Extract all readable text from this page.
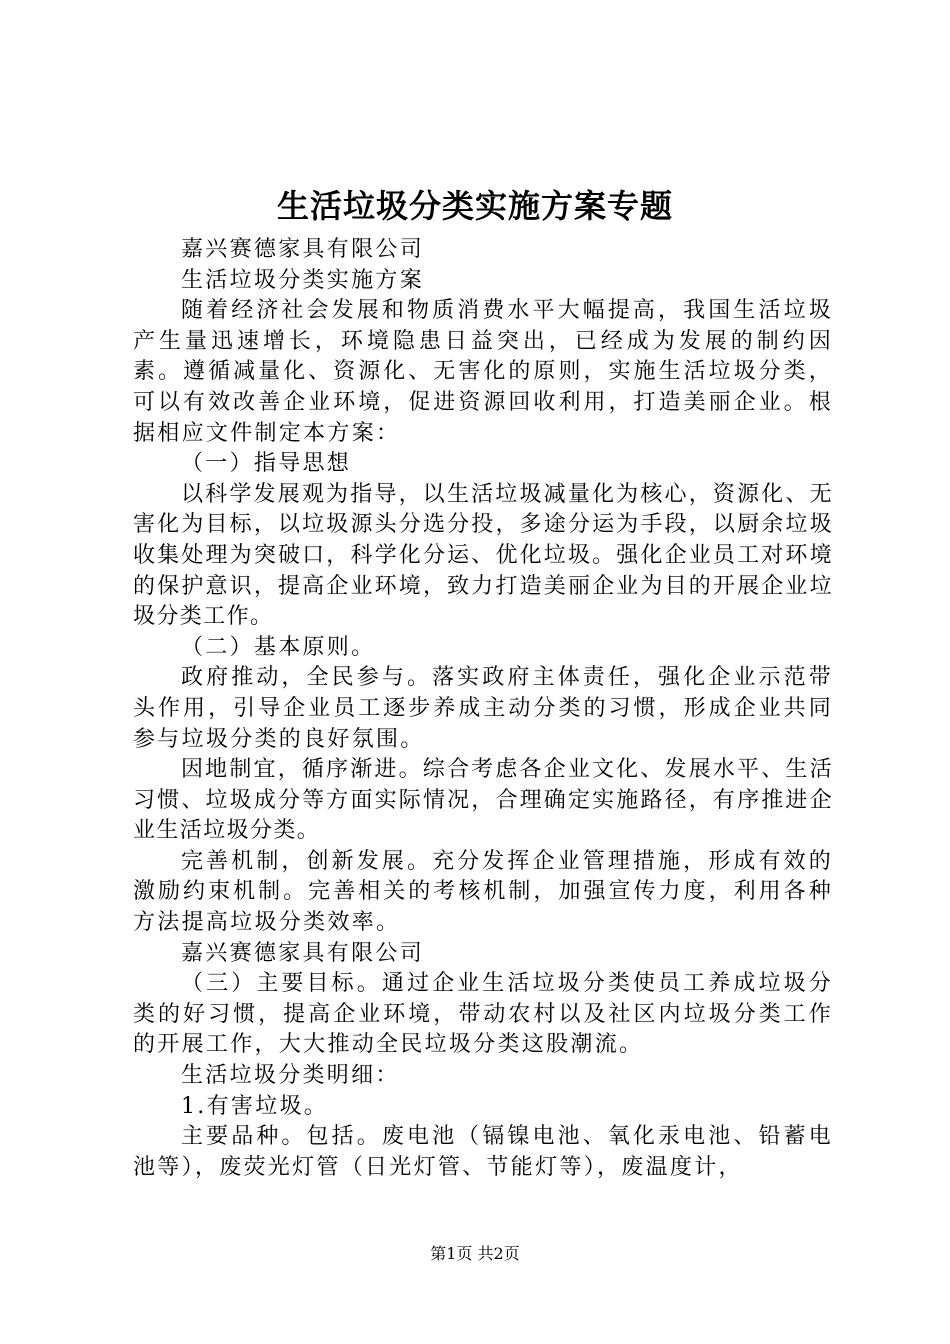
生活垃圾分类实施方案专题

嘉兴赛德家具有限公司

生活垃圾分类实施方案

随着经济社会发展和物质消费水平大幅提高，我国生活垃圾产生量迅速增长，环境隐患日益突出，已经成为发展的制约因素。遵循减量化、资源化、无害化的原则，实施生活垃圾分类，可以有效改善企业环境，促进资源回收利用，打造美丽企业。根据相应文件制定本方案：

（一）指导思想

以科学发展观为指导，以生活垃圾减量化为核心，资源化、无害化为目标，以垃圾源头分选分投，多途分运为手段，以厨余垃圾收集处理为突破口，科学化分运、优化垃圾。强化企业员工对环境的保护意识，提高企业环境，致力打造美丽企业为目的开展企业垃圾分类工作。

（二）基本原则。

政府推动，全民参与。落实政府主体责任，强化企业示范带头作用，引导企业员工逐步养成主动分类的习惯，形成企业共同参与垃圾分类的良好氛围。

因地制宜，循序渐进。综合考虑各企业文化、发展水平、生活习惯、垃圾成分等方面实际情况，合理确定实施路径，有序推进企业生活垃圾分类。

完善机制，创新发展。充分发挥企业管理措施，形成有效的激励约束机制。完善相关的考核机制，加强宣传力度，利用各种方法提高垃圾分类效率。

嘉兴赛德家具有限公司

（三）主要目标。通过企业生活垃圾分类使员工养成垃圾分类的好习惯，提高企业环境，带动农村以及社区内垃圾分类工作的开展工作，大大推动全民垃圾分类这股潮流。

生活垃圾分类明细：

1.有害垃圾。

主要品种。包括。废电池（镉镍电池、氧化汞电池、铅蓄电池等），废荧光灯管（日光灯管、节能灯等），废温度计，

第1页 共2页
